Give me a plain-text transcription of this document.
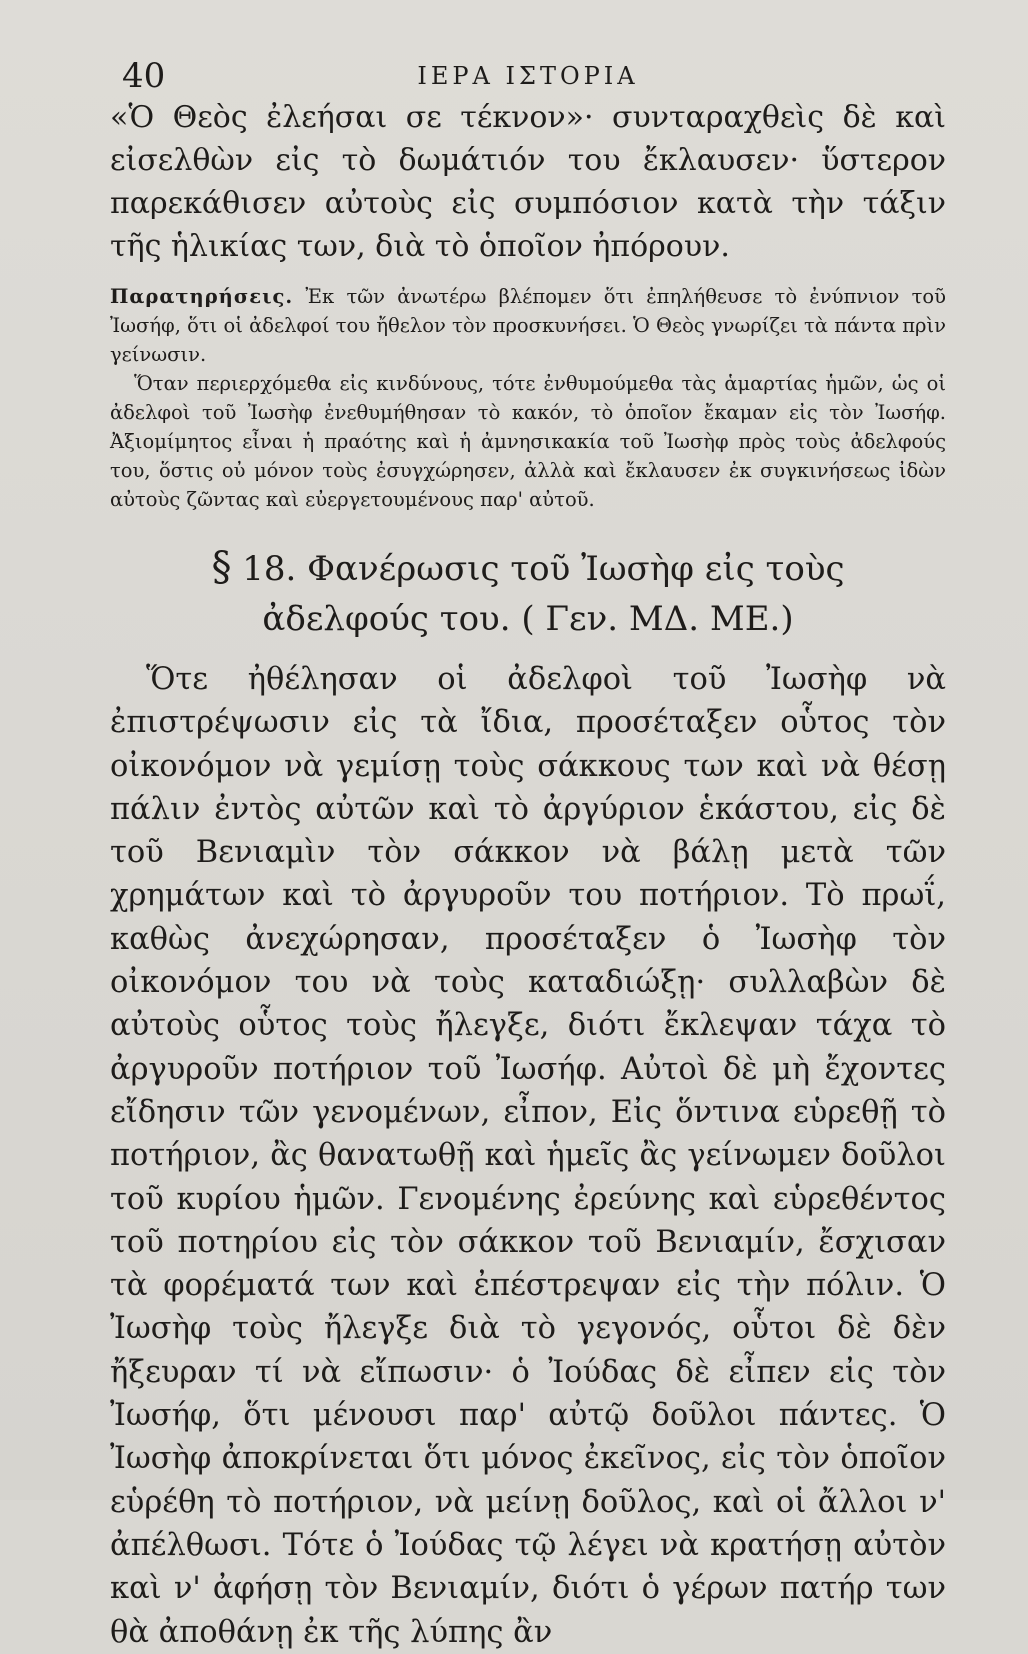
40	ΙΕΡΑ ΙΣΤΟΡΙΑ

«Ὁ Θεὸς ἐλεήσαι σε τέκνον»· συνταραχθεὶς δὲ καὶ εἰσελθὼν εἰς τὸ δωμάτιόν του ἔκλαυσεν· ὕστερον παρεκάθισεν αὐτοὺς εἰς συμπόσιον κατὰ τὴν τάξιν τῆς ἡλικίας των, διὰ τὸ ὁποῖον ἠπόρουν.

Παρατηρήσεις. Ἐκ τῶν ἀνωτέρω βλέπομεν ὅτι ἐπηλήθευσε τὸ ἐνύπνιον τοῦ Ἰωσήφ, ὅτι οἱ ἀδελφοί του ἤθελον τὸν προσκυνήσει. Ὁ Θεὸς γνωρίζει τὰ πάντα πρὶν γείνωσιν.

Ὅταν περιερχόμεθα εἰς κινδύνους, τότε ἐνθυμούμεθα τὰς ἁμαρτίας ἡμῶν, ὡς οἱ ἀδελφοὶ τοῦ Ἰωσὴφ ἐνεθυμήθησαν τὸ κακόν, τὸ ὁποῖον ἔκαμαν εἰς τὸν Ἰωσήφ. Ἀξιομίμητος εἶναι ἡ πραότης καὶ ἡ ἀμνησικακία τοῦ Ἰωσὴφ πρὸς τοὺς ἀδελφούς του, ὅστις οὐ μόνον τοὺς ἐσυγχώρησεν, ἀλλὰ καὶ ἔκλαυσεν ἐκ συγκινήσεως ἰδὼν αὐτοὺς ζῶντας καὶ εὐεργετουμένους παρ' αὐτοῦ.

§ 18. Φανέρωσις τοῦ Ἰωσὴφ εἰς τοὺς
ἀδελφούς του. ( Γεν. ΜΔ. ΜΕ.)

Ὅτε ἠθέλησαν οἱ ἀδελφοὶ τοῦ Ἰωσὴφ νὰ ἐπιστρέψωσιν εἰς τὰ ἴδια, προσέταξεν οὗτος τὸν οἰκονόμον νὰ γεμίσῃ τοὺς σάκκους των καὶ νὰ θέσῃ πάλιν ἐντὸς αὐτῶν καὶ τὸ ἀργύριον ἑκάστου, εἰς δὲ τοῦ Βενιαμὶν τὸν σάκκον νὰ βάλῃ μετὰ τῶν χρημάτων καὶ τὸ ἀργυροῦν του ποτήριον. Τὸ πρωΐ, καθὼς ἀνεχώρησαν, προσέταξεν ὁ Ἰωσὴφ τὸν οἰκονόμον του νὰ τοὺς καταδιώξῃ· συλλαβὼν δὲ αὐτοὺς οὗτος τοὺς ἤλεγξε, διότι ἔκλεψαν τάχα τὸ ἀργυροῦν ποτήριον τοῦ Ἰωσήφ. Αὐτοὶ δὲ μὴ ἔχοντες εἴδησιν τῶν γενομένων, εἶπον, Εἰς ὅντινα εὑρεθῇ τὸ ποτήριον, ἂς θανατωθῇ καὶ ἡμεῖς ἂς γείνωμεν δοῦλοι τοῦ κυρίου ἡμῶν. Γενομένης ἐρεύνης καὶ εὑρεθέντος τοῦ ποτηρίου εἰς τὸν σάκκον τοῦ Βενιαμίν, ἔσχισαν τὰ φορέματά των καὶ ἐπέστρεψαν εἰς τὴν πόλιν. Ὁ Ἰωσὴφ τοὺς ἤλεγξε διὰ τὸ γεγονός, οὗτοι δὲ δὲν ἤξευραν τί νὰ εἴπωσιν· ὁ Ἰούδας δὲ εἶπεν εἰς τὸν Ἰωσήφ, ὅτι μένουσι παρ' αὐτῷ δοῦλοι πάντες. Ὁ Ἰωσὴφ ἀποκρίνεται ὅτι μόνος ἐκεῖνος, εἰς τὸν ὁποῖον εὑρέθη τὸ ποτήριον, νὰ μείνῃ δοῦλος, καὶ οἱ ἄλλοι ν' ἀπέλθωσι. Τότε ὁ Ἰούδας τῷ λέγει νὰ κρατήσῃ αὐτὸν καὶ ν' ἀφήσῃ τὸν Βενιαμίν, διότι ὁ γέρων πατήρ των θὰ ἀποθάνῃ ἐκ τῆς λύπης ἂν
